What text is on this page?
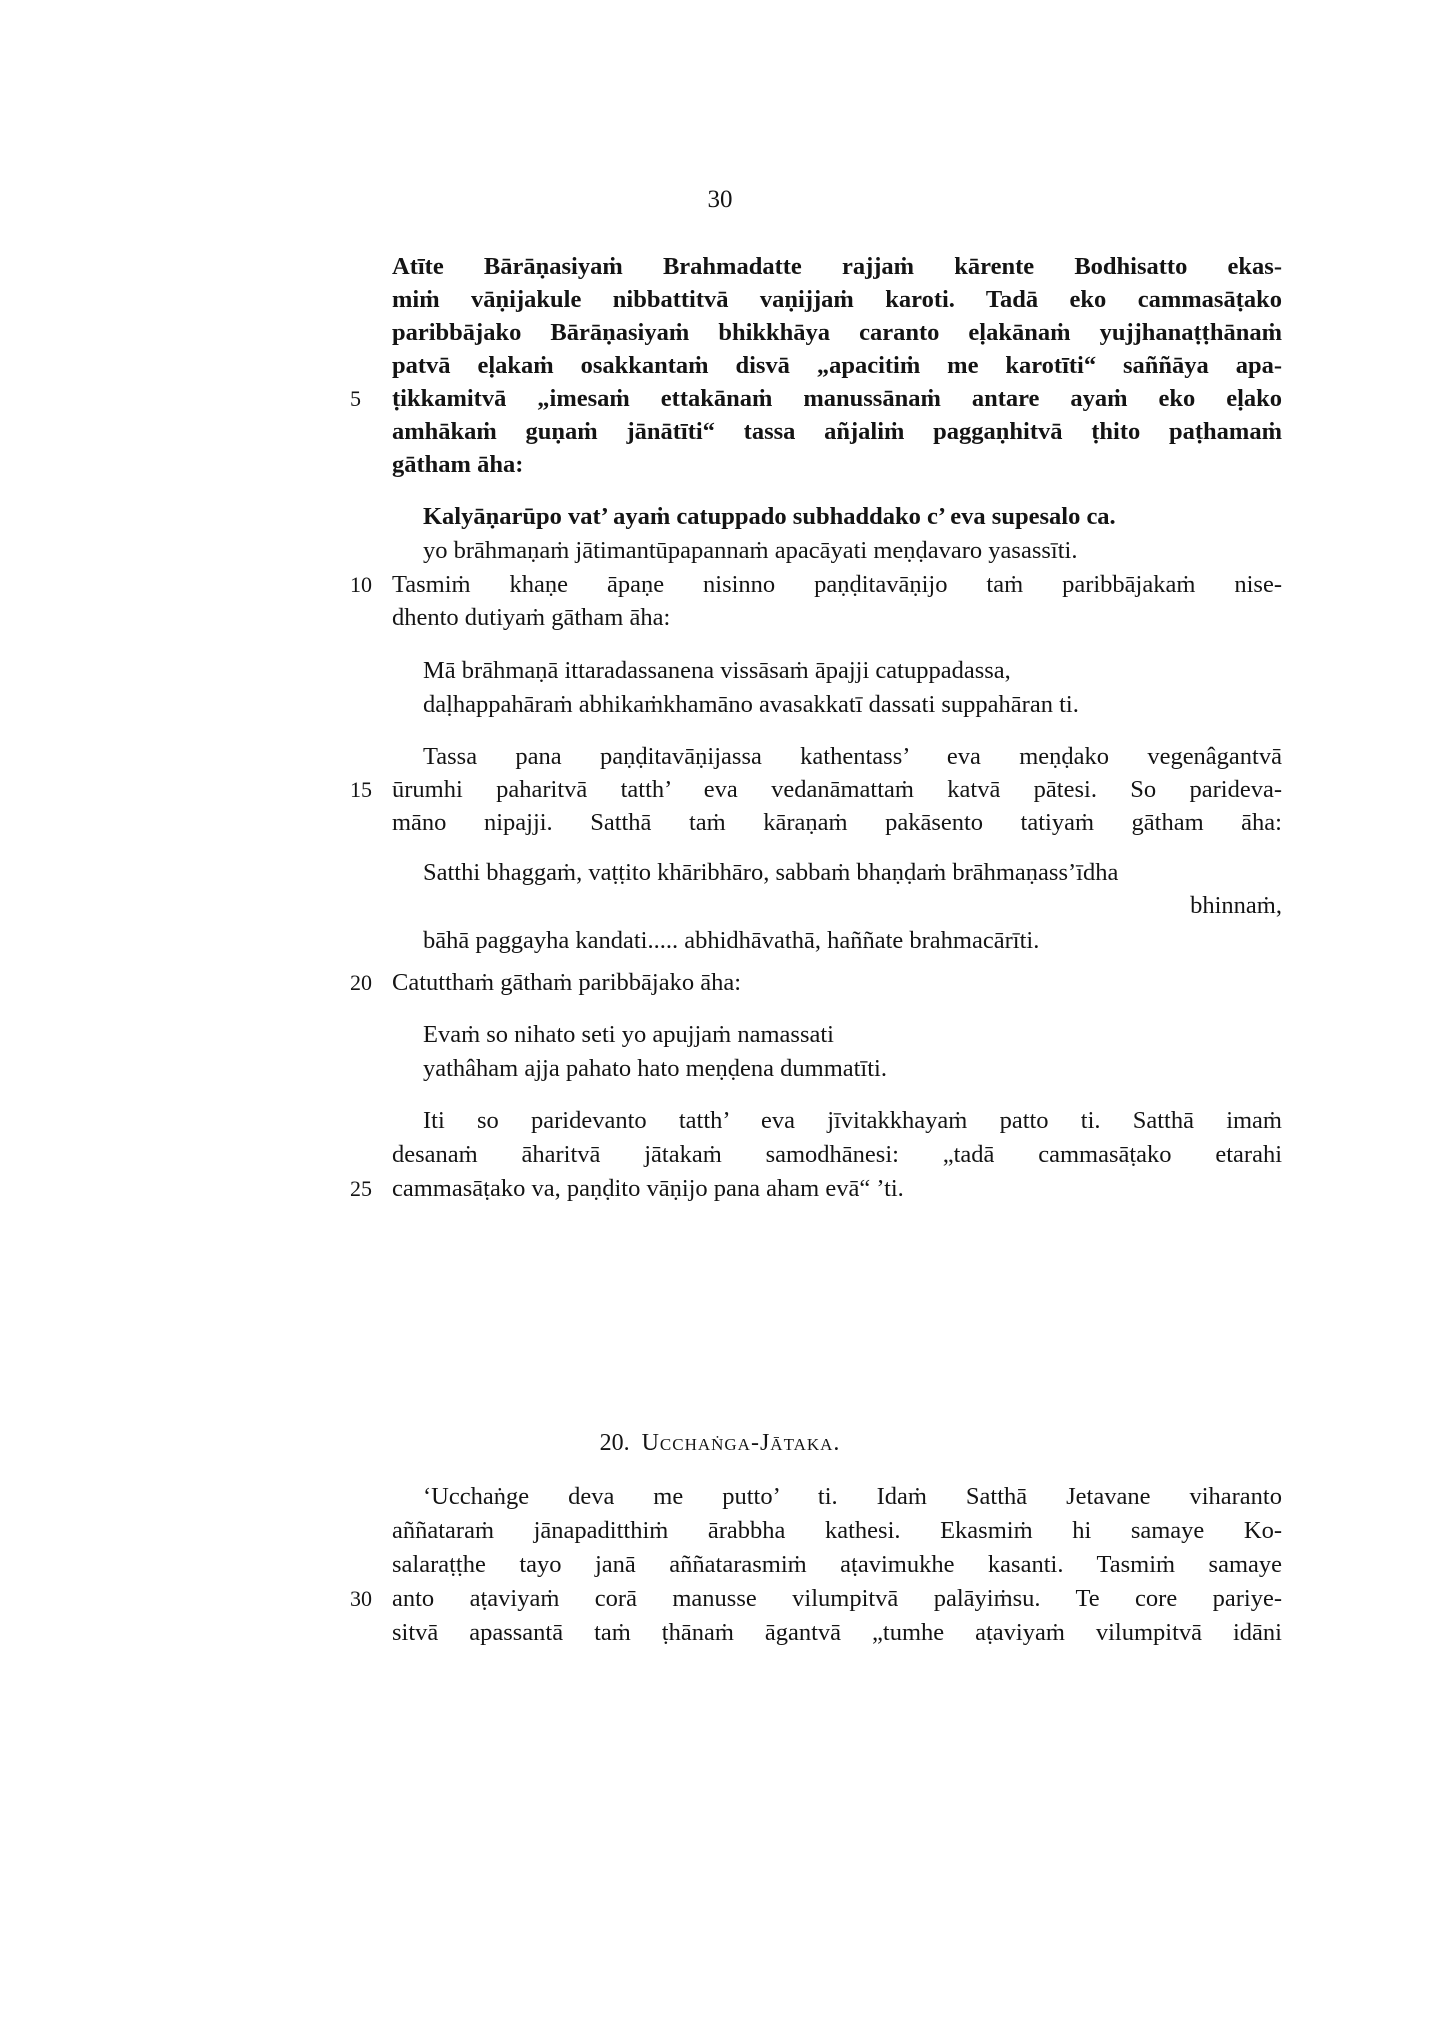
30
Atīte Bārāṇasiyaṁ Brahmadatte rajjaṁ kārente Bodhisatto ekas-
miṁ vāṇijakule nibbattitvā vaṇijjaṁ karoti. Tadā eko cammasāṭako
paribbājako Bārāṇasiyaṁ bhikkhāya caranto eḷakānaṁ yujjhanaṭṭhānaṁ
patvā eḷakaṁ osakkantaṁ disvā „apacitiṁ me karotīti“ saññāya apa-
5	ṭikkamitvā „imesaṁ ettakānaṁ manussānaṁ antare ayaṁ eko eḷako
amhākaṁ guṇaṁ jānātīti“ tassa añjaliṁ paggaṇhitvā ṭhito paṭhamaṁ
gātham āha:
Kalyāṇarūpo vat’ ayaṁ catuppado subhaddako c’ eva supesalo ca.
yo brāhmaṇaṁ jātimantūpapannaṁ apacāyati meṇḍavaro yasassīti.
10 Tasmiṁ khaṇe āpaṇe nisinno paṇḍitavāṇijo taṁ paribbājakaṁ nise-
dhento dutiyaṁ gātham āha:
Mā brāhmaṇā ittaradassanena vissāsaṁ āpajji catuppadassa,
daḷhappahāraṁ abhikaṁkhamāno avasakkatī dassati suppahāran ti.
Tassa pana paṇḍitavāṇijassa kathentass’ eva meṇḍako vegenâgantvā
15 ūrumhi paharitvā tatth’ eva vedanāmattaṁ katvā pātesi. So parideva-
māno nipajji. Satthā taṁ kāraṇaṁ pakāsento tatiyaṁ gātham āha:
Satthi bhaggaṁ, vaṭṭito khāribhāro, sabbaṁ bhaṇḍaṁ brāhmaṇass’īdha
bhinnaṁ,
bāhā paggayha kandati..... abhidhāvathā, haññate brahmacārīti.
20 Catutthaṁ gāthaṁ paribbājako āha:
Evaṁ so nihato seti yo apujjaṁ namassati
yathâham ajja pahato hato meṇḍena dummatīti.
Iti so paridevanto tatth’ eva jīvitakkhayaṁ patto ti. Satthā imaṁ
desanaṁ āharitvā jātakaṁ samodhānesi: „tadā cammasāṭako etarahi
25 cammasāṭako va, paṇḍito vāṇijo pana aham evā“ ’ti.
20. Ucchaṅga-Jātaka.
‘Ucchaṅge deva me putto’ ti. Idaṁ Satthā Jetavane viharanto
aññataraṁ jānapaditthiṁ ārabbha kathesi. Ekasmiṁ hi samaye Ko-
salaraṭṭhe tayo janā aññatarasmiṁ aṭavimukhe kasanti. Tasmiṁ samaye
30 anto aṭaviyaṁ corā manusse vilumpitvā palāyiṁsu. Te core pariye-
sitvā apassantā taṁ ṭhānaṁ āgantvā „tumhe aṭaviyaṁ vilumpitvā idāni
